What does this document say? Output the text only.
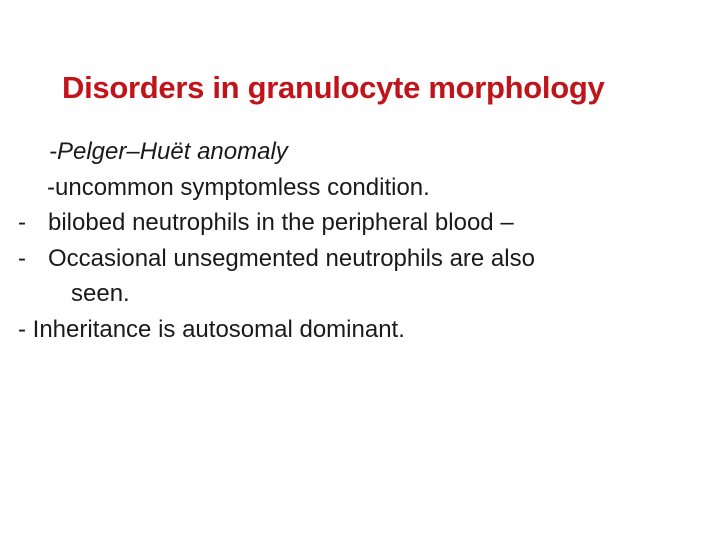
Disorders in granulocyte morphology
-Pelger–Huët anomaly
-uncommon symptomless condition.
- bilobed neutrophils in the peripheral blood –
- Occasional unsegmented neutrophils are also
seen.
- Inheritance is autosomal dominant.
